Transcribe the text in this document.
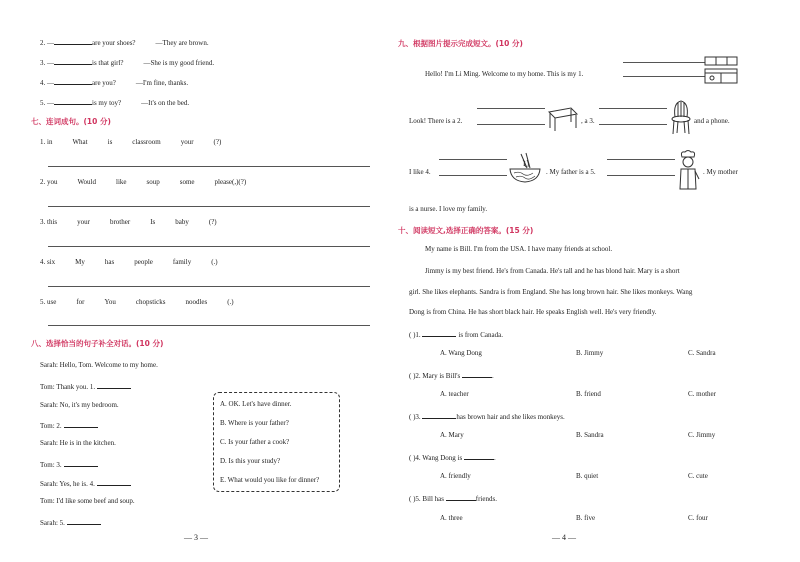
2. —	are your shoes?	—They are brown.
3. —	is that girl?	—She is my good friend.
4. —	are you?	—I'm fine, thanks.
5. —	is my toy?	—It's on the bed.
七、连词成句。(10 分)
1. in	What	is	classroom	your	(?)
2. you	Would	like	soup	some	please(,)(?)
3. this	your	brother	Is	baby	(?)
4. six	My	has	people	family	(.)
5. use	for	You	chopsticks	noodles	(.)
八、选择恰当的句子补全对话。(10 分)
Sarah: Hello, Tom. Welcome to my home.
Tom: Thank you. 1.
Sarah: No, it's my bedroom.
Tom: 2.
Sarah: He is in the kitchen.
Tom: 3.
Sarah: Yes, he is. 4.
Tom: I'd like some beef and soup.
Sarah: 5.
A. OK. Let's have dinner.
B. Where is your father?
C. Is your father a cook?
D. Is this your study?
E. What would you like for dinner?
— 3 —
九、根据图片提示完成短文。(10 分)
Hello! I'm Li Ming. Welcome to my home. This is my 1.
Look! There is a 2.	, a 3.	and a phone.
I like 4.	. My father is a 5.	. My mother
is a nurse. I love my family.
十、阅读短文,选择正确的答案。(15 分)
My name is Bill. I'm from the USA. I have many friends at school.
Jimmy is my best friend. He's from Canada. He's tall and he has blond hair. Mary is a short
girl. She likes elephants. Sandra is from England. She has long brown hair. She likes monkeys. Wang
Dong is from China. He has short black hair. He speaks English well. He's very friendly.
( )1.	is from Canada.
A. Wang Dong	B. Jimmy	C. Sandra
( )2. Mary is Bill's	.
A. teacher	B. friend	C. mother
( )3.	has brown hair and she likes monkeys.
A. Mary	B. Sandra	C. Jimmy
( )4. Wang Dong is	.
A. friendly	B. quiet	C. cute
( )5. Bill has	friends.
A. three	B. five	C. four
— 4 —
